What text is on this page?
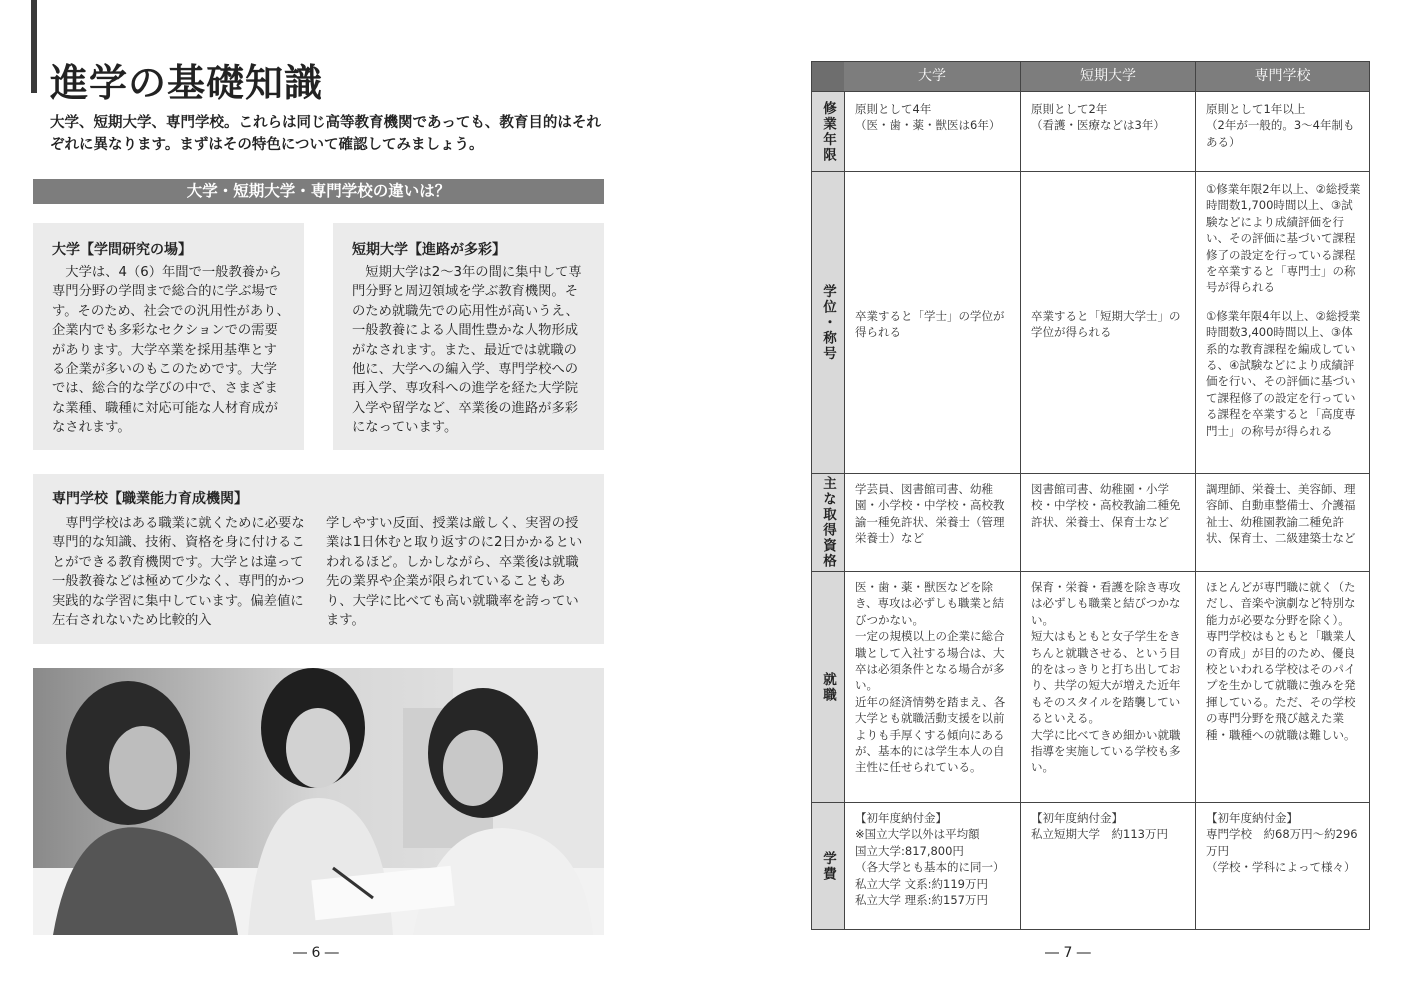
進学の基礎知識
大学、短期大学、専門学校。これらは同じ高等教育機関であっても、教育目的はそれぞれに異なります。まずはその特色について確認してみましょう。
大学・短期大学・専門学校の違いは？
大学【学問研究の場】

大学は、4（6）年間で一般教養から専門分野の学問まで総合的に学ぶ場です。そのため、社会での汎用性があり、企業内でも多彩なセクションでの需要があります。大学卒業を採用基準とする企業が多いのもこのためです。大学では、総合的な学びの中で、さまざまな業種、職種に対応可能な人材育成がなされます。

短期大学【進路が多彩】

短期大学は2～3年の間に集中して専門分野と周辺領域を学ぶ教育機関。そのため就職先での応用性が高いうえ、一般教養による人間性豊かな人物形成がなされます。また、最近では就職の他に、大学への編入学、専門学校への再入学、専攻科への進学を経た大学院入学や留学など、卒業後の進路が多彩になっています。

専門学校【職業能力育成機関】

専門学校はある職業に就くために必要な専門的な知識、技術、資格を身に付けることができる教育機関です。大学とは違って一般教養などは極めて少なく、専門的かつ実践的な学習に集中しています。偏差値に左右されないため比較的入

学しやすい反面、授業は厳しく、実習の授業は1日休むと取り返すのに2日かかるといわれるほど。しかしながら、卒業後は就職先の業界や企業が限られていることもあり、大学に比べても高い就職率を誇っています。

― 6 ―
大学	短期大学	専門学校
修業年限 原則として4年
（医・歯・薬・獣医は6年）
原則として2年
（看護・医療などは3年）
原則として1年以上
（2年が一般的。3～4年制もある）
学位・称号 卒業すると「学士」の学位が得られる
卒業すると「短期大学士」の学位が得られる
①修業年限2年以上、②総授業時間数1,700時間以上、③試験などにより成績評価を行い、その評価に基づいて課程修了の設定を行っている課程を卒業すると「専門士」の称号が得られる
①修業年限4年以上、②総授業時間数3,400時間以上、③体系的な教育課程を編成している、④試験などにより成績評価を行い、その評価に基づいて課程修了の設定を行っている課程を卒業すると「高度専門士」の称号が得られる
主な取得資格 学芸員、図書館司書、幼稚園・小学校・中学校・高校教諭一種免許状、栄養士（管理栄養士）など
図書館司書、幼稚園・小学校・中学校・高校教諭二種免許状、栄養士、保育士など
調理師、栄養士、美容師、理容師、自動車整備士、介護福祉士、幼稚園教諭二種免許状、保育士、二級建築士など
就職
医・歯・薬・獣医などを除き、専攻は必ずしも職業と結びつかない。
一定の規模以上の企業に総合職として入社する場合は、大卒は必須条件となる場合が多い。
近年の経済情勢を踏まえ、各大学とも就職活動支援を以前よりも手厚くする傾向にあるが、基本的には学生本人の自主性に任せられている。
保育・栄養・看護を除き専攻は必ずしも職業と結びつかない。
短大はもともと女子学生をきちんと就職させる、という目的をはっきりと打ち出しており、共学の短大が増えた近年もそのスタイルを踏襲しているといえる。
大学に比べてきめ細かい就職指導を実施している学校も多い。
ほとんどが専門職に就く（ただし、音楽や演劇など特別な能力が必要な分野を除く）。
専門学校はもともと「職業人の育成」が目的のため、優良校といわれる学校はそのパイプを生かして就職に強みを発揮している。ただ、その学校の専門分野を飛び越えた業種・職種への就職は難しい。
学費
【初年度納付金】
※国立大学以外は平均額
国立大学:817,800円
（各大学とも基本的に同一）
私立大学 文系:約119万円
私立大学 理系:約157万円
【初年度納付金】
私立短期大学　約113万円
【初年度納付金】
専門学校　約68万円～約296万円
（学校・学科によって様々）
― 7 ―
